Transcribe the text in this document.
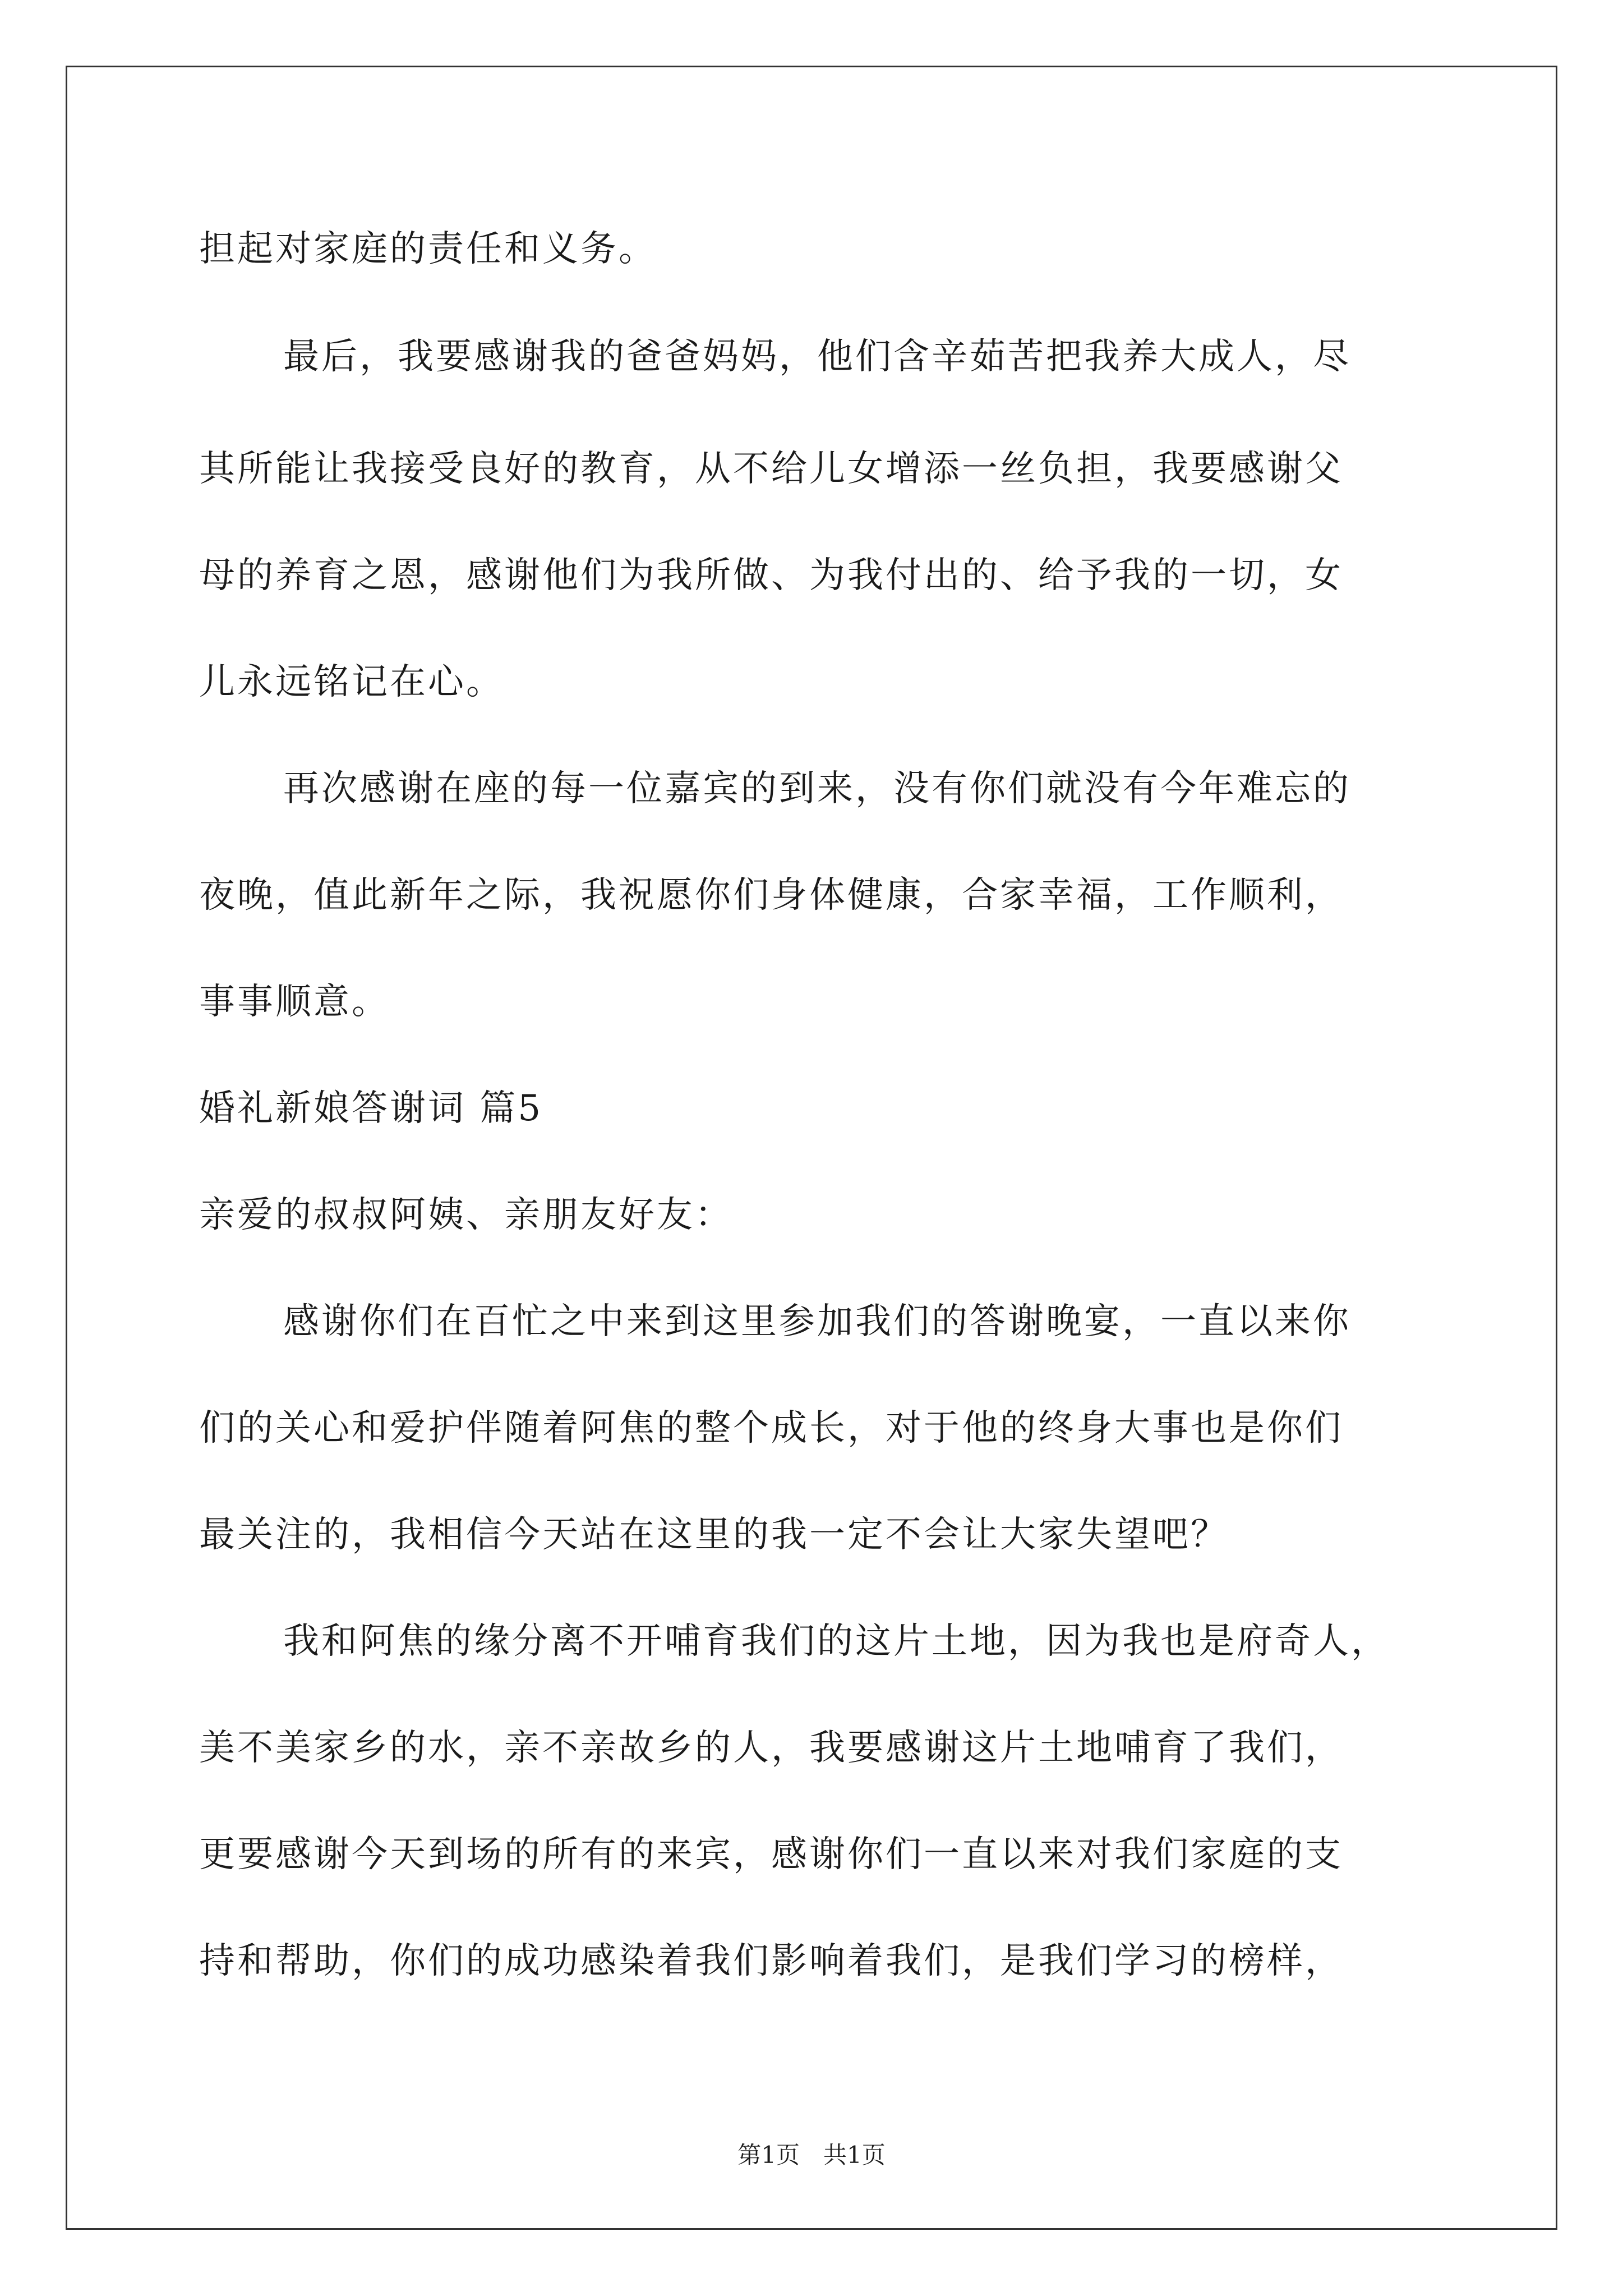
担起对家庭的责任和义务。
最后，我要感谢我的爸爸妈妈，他们含辛茹苦把我养大成人，尽
其所能让我接受良好的教育，从不给儿女增添一丝负担，我要感谢父
母的养育之恩，感谢他们为我所做、为我付出的、给予我的一切，女
儿永远铭记在心。
再次感谢在座的每一位嘉宾的到来，没有你们就没有今年难忘的
夜晚，值此新年之际，我祝愿你们身体健康，合家幸福，工作顺利，
事事顺意。
婚礼新娘答谢词 篇5
亲爱的叔叔阿姨、亲朋友好友：
感谢你们在百忙之中来到这里参加我们的答谢晚宴，一直以来你
们的关心和爱护伴随着阿焦的整个成长，对于他的终身大事也是你们
最关注的，我相信今天站在这里的我一定不会让大家失望吧？
我和阿焦的缘分离不开哺育我们的这片土地，因为我也是府奇人，
美不美家乡的水，亲不亲故乡的人，我要感谢这片土地哺育了我们，
更要感谢今天到场的所有的来宾，感谢你们一直以来对我们家庭的支
持和帮助，你们的成功感染着我们影响着我们，是我们学习的榜样，
第1页　共1页
